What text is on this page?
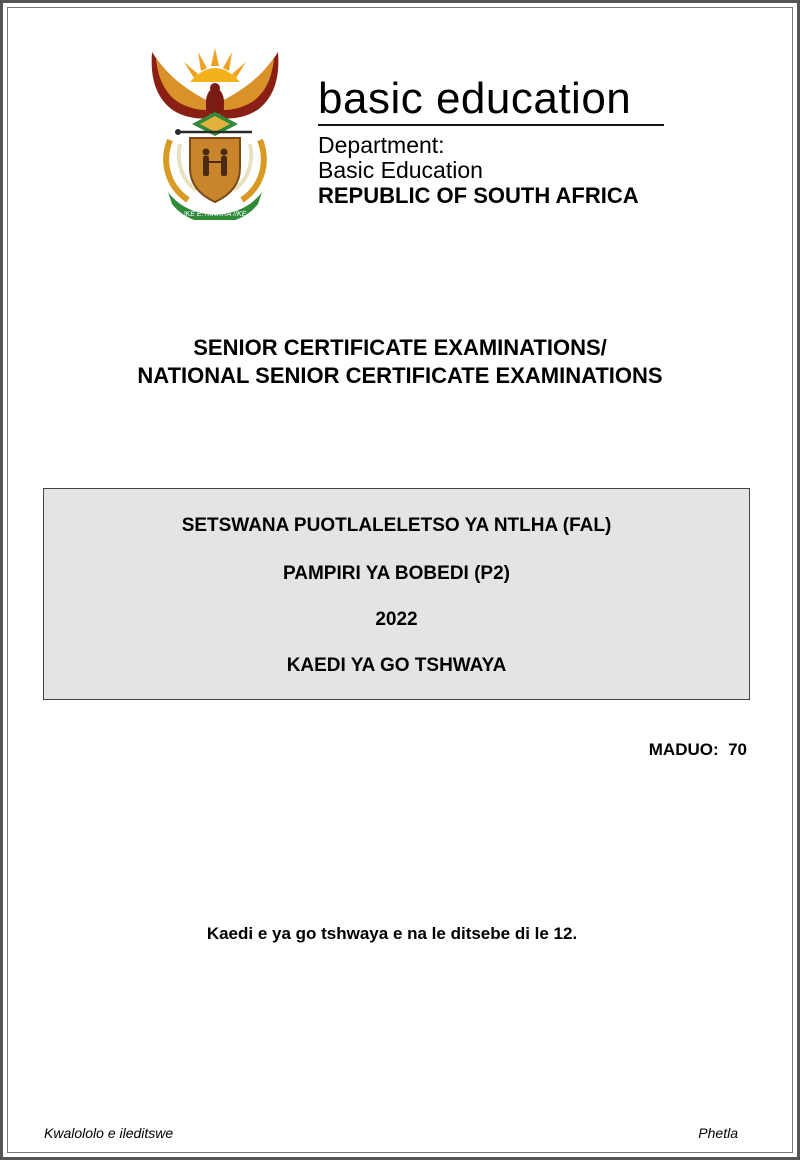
!KE E: /XARRA //KE
basic education
Department:
Basic Education
REPUBLIC OF SOUTH AFRICA
SENIOR CERTIFICATE EXAMINATIONS/
NATIONAL SENIOR CERTIFICATE EXAMINATIONS
SETSWANA PUOTLALELETSO YA NTLHA (FAL)
PAMPIRI YA BOBEDI (P2)
2022
KAEDI YA GO TSHWAYA
MADUO:  70
Kaedi e ya go tshwaya e na le ditsebe di le 12.
Kwalololo e ileditswe	Phetla
